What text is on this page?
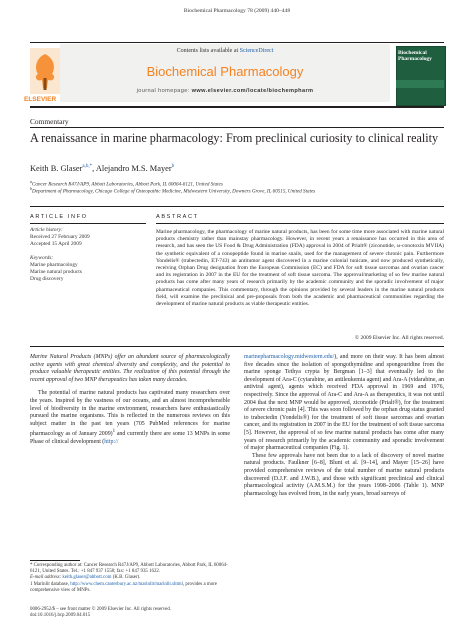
Biochemical Pharmacology 78 (2009) 440–448
ELSEVIER
Contents lists available at ScienceDirect
Biochemical Pharmacology
journal homepage: www.elsevier.com/locate/biochempharm
Biochemical Pharmacology
Commentary
A renaissance in marine pharmacology: From preclinical curiosity to clinical reality
Keith B. Glaser$^{a,b,*}$, Alejandro M.S. Mayer$^b$
$^a$Cancer Research R47J/AP9, Abbott Laboratories, Abbott Park, IL 60064-6121, United States
$^b$Department of Pharmacology, Chicago College of Osteopathic Medicine, Midwestern University, Downers Grove, IL 60515, United States
ARTICLE INFO
Article history:
Received 27 February 2009
Accepted 15 April 2009
Keywords:
Marine pharmacology
Marine natural products
Drug discovery
ABSTRACT
Marine pharmacology, the pharmacology of marine natural products, has been for some time more associated with marine natural products chemistry rather than mainstay pharmacology. However, in recent years a renaissance has occurred in this area of research, and has seen the US Food & Drug Administration (FDA) approval in 2004 of Prialt® (ziconotide, ω-conotoxin MVIIA) the synthetic equivalent of a conopeptide found in marine snails, used for the management of severe chronic pain. Furthermore Yondelis® (trabectedin, ET-743) an antitumor agent discovered in a marine colonial tunicate, and now produced synthetically, receiving Orphan Drug designation from the European Commission (EC) and FDA for soft tissue sarcomas and ovarian cancer and its registration in 2007 in the EU for the treatment of soft tissue sarcoma. The approval/marketing of so few marine natural products has come after many years of research primarily by the academic community and the sporadic involvement of major pharmaceutical companies. This commentary, through the opinions provided by several leaders in the marine natural products field, will examine the preclinical and pre-proposals from both the academic and pharmaceutical communities regarding the development of marine natural products as viable therapeutic entities.
© 2009 Elsevier Inc. All rights reserved.

Marine Natural Products (MNPs) offer an abundant source of pharmacologically active agents with great chemical diversity and complexity, and the potential to produce valuable therapeutic entities. The realization of this potential through the recent approval of two MNP therapeutics has taken many decades.

The potential of marine natural products has captivated many researchers over the years. Inspired by the vastness of our oceans, and an almost incomprehensible level of biodiversity in the marine environment, researchers have enthusiastically pursued the marine organisms. This is reflected in the numerous reviews on this subject matter in the past ten years (705 PubMed references for marine pharmacology as of January 2009)$^1$ and currently there are some 13 MNPs in some Phase of clinical development (http://

* Corresponding author at: Cancer Research R47J/AP9, Abbott Laboratories, Abbott Park, IL 60064-6121, United States. Tel.: +1 847 937 1558; fax: +1 847 935 1622.
E-mail address: keith.glaser@abbott.com (K.B. Glaser).
1 Marinlit database, http://www.chem.canterbury.ac.nz/marinlit/marinlit.shtml, provides a more comprehensive view of MNPs.
0006-2952/$ – see front matter © 2009 Elsevier Inc. All rights reserved.
doi:10.1016/j.bcp.2009.04.015

marinepharmacology.midwestern.edu/), and more on their way. It has been almost five decades since the isolation of spongothymidine and spongouridine from the marine sponge Tethya crypta by Bergman [1–3] that eventually led to the development of Ara-C (cytarabine, an antileukemia agent) and Ara-A (vidarabine, an antiviral agent), agents which received FDA approval in 1969 and 1976, respectively. Since the approval of Ara-C and Ara-A as therapeutics, it was not until 2004 that the next MNP would be approved, ziconotide (Prialt®), for the treatment of severe chronic pain [4]. This was soon followed by the orphan drug status granted to trabectedin (Yondelis®) for the treatment of soft tissue sarcomas and ovarian cancer, and its registration in 2007 in the EU for the treatment of soft tissue sarcoma [5]. However, the approval of so few marine natural products has come after many years of research primarily by the academic community and sporadic involvement of major pharmaceutical companies (Fig. 1).

These few approvals have not been due to a lack of discovery of novel marine natural products. Faulkner [6–8], Blunt et al. [9–14], and Mayer [15–26] have provided comprehensive reviews of the total number of marine natural products discovered (D.J.F. and J.W.B.), and those with significant preclinical and clinical pharmacological activity (A.M.S.M.) for the years 1998–2006 (Table 1). MNP pharmacology has evolved from, in the early years, broad surveys of
